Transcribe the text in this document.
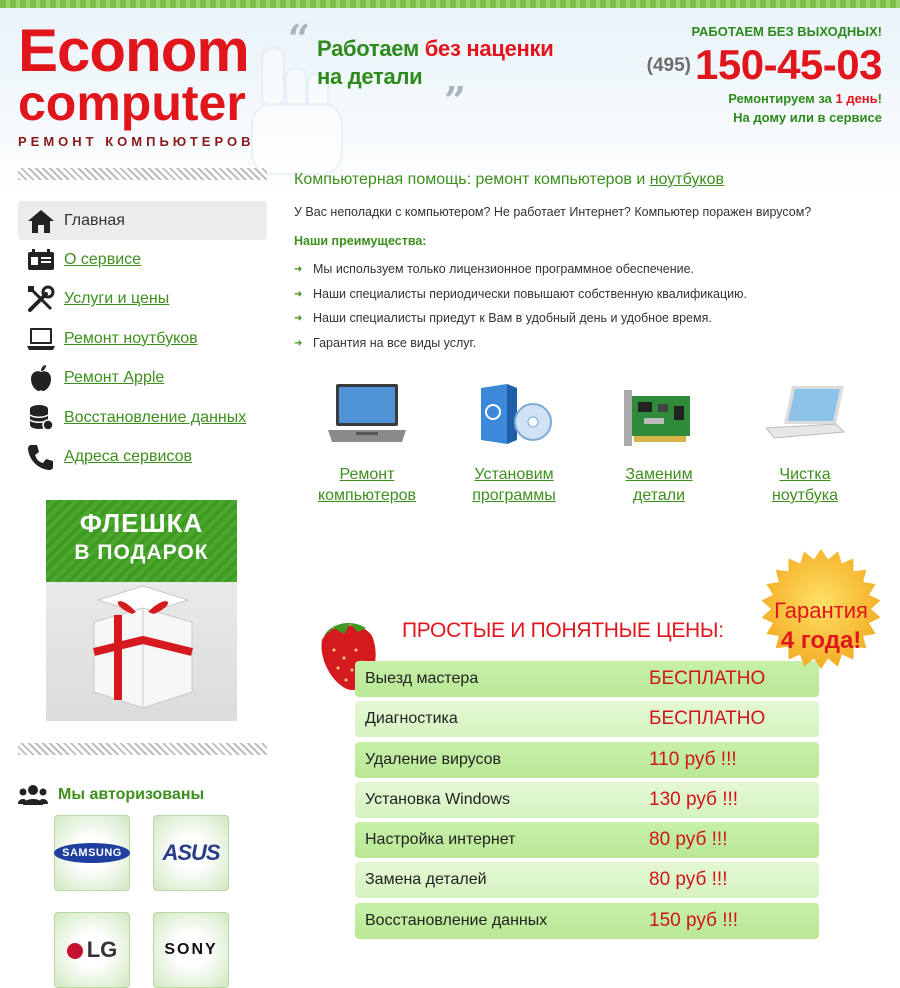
Econom
computer
РЕМОНТ КОМПЬЮТЕРОВ
“ Работаем без наценки
на детали
”
РАБОТАЕМ БЕЗ ВЫХОДНЫХ!
(495)150-45-03
Ремонтируем за 1 день!
На дому или в сервисе
Главная
О сервисе
Услуги и цены
Ремонт ноутбуков
Ремонт Apple
Восстановление данных
Адреса сервисов
ФЛЕШКА
В ПОДАРОК
Мы авторизованы
SAMSUNG	ASUS
LG	SONY
Компьютерная помощь: ремонт компьютеров и ноутбуков
У Вас неполадки с компьютером? Не работает Интернет? Компьютер поражен вирусом?
Наши преимущества:
➜ Мы используем только лицензионное программное обеспечение.
➜ Наши специалисты периодически повышают собственную квалификацию.
➜ Наши специалисты приедут к Вам в удобный день и удобное время.
➜ Гарантия на все виды услуг.
Ремонт
компьютеров
Установим
программы
Заменим
детали
Чистка
ноутбука
ПРОСТЫЕ И ПОНЯТНЫЕ ЦЕНЫ:
Выезд мастера	БЕСПЛАТНО
Диагностика	БЕСПЛАТНО
Удаление вирусов	110 руб !!!
Установка Windows	130 руб !!!
Настройка интернет	80 руб !!!
Замена деталей	80 руб !!!
Восстановление данных	150 руб !!!
Гарантия
4 года!
